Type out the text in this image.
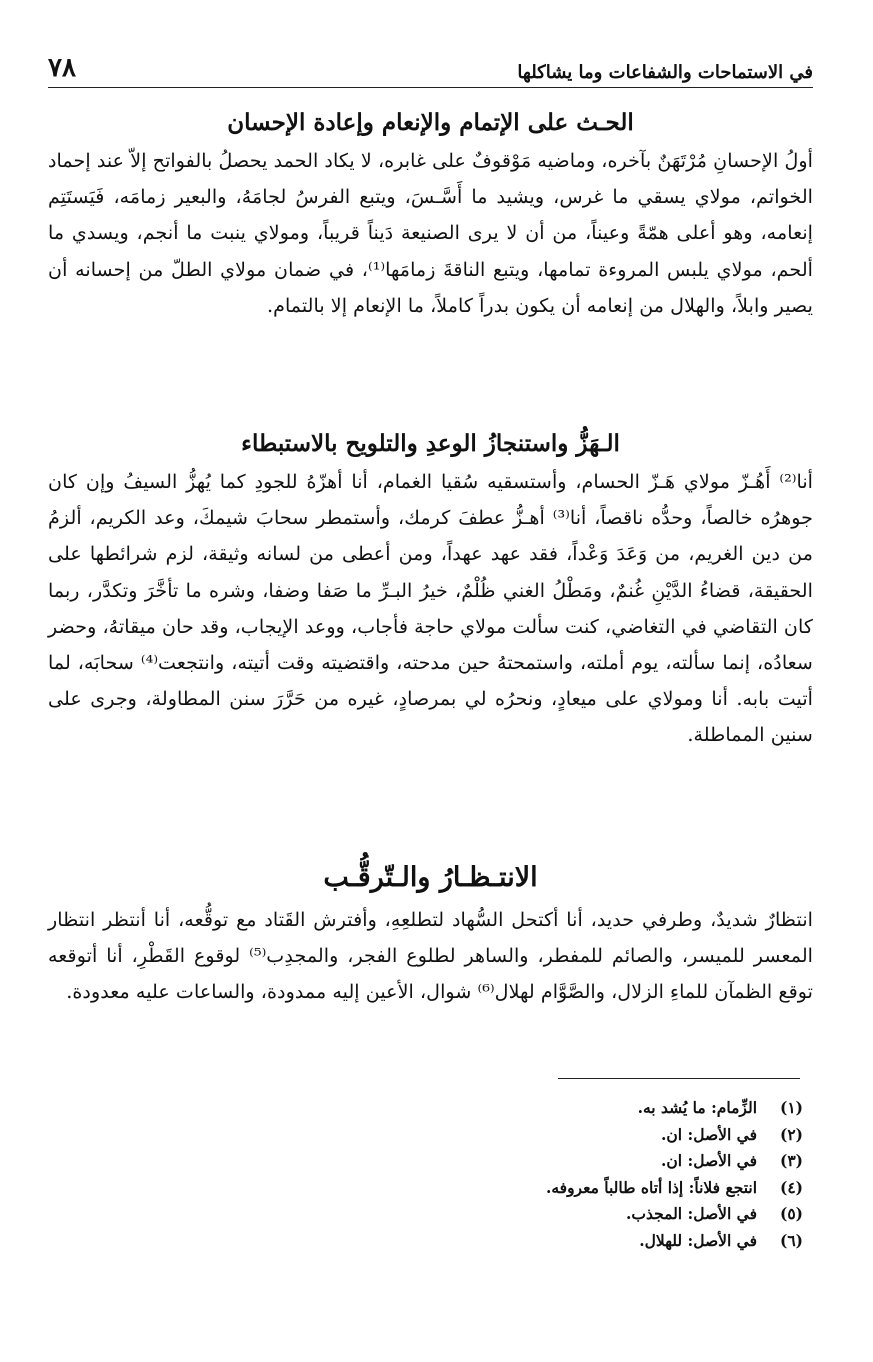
في الاستماحات والشفاعات وما يشاكلها
٧٨
الحـث على الإتمام والإنعام وإعادة الإحسان

أولُ الإحسانِ مُرْتَهَنٌ بآخره، وماضيه مَوْقوفٌ على غابره، لا يكاد الحمد يحصلُ بالفواتح إلاّ عند إحماد الخواتم، مولاي يسقي ما غرس، ويشيد ما أَسَّـسَ، ويتبع الفرسُ لجامَهُ، والبعير زمامَه، فَيَستَتِم إنعامه، وهو أعلى همّةً وعيناً، من أن لا يرى الصنيعة دَيناً قريباً، ومولاي ينبت ما أنجم، ويسدي ما ألحم، مولاي يلبس المروءة تمامها، ويتبع الناقةَ زمامَها⁽¹⁾، في ضمان مولاي الطلّ من إحسانه أن يصير وابلاً، والهلال من إنعامه أن يكون بدراً كاملاً، ما الإنعام إلا بالتمام.

الـهَزُّ واستنجازُ الوعدِ والتلويح بالاستبطاء

أنا⁽²⁾ أَهُـزّ مولاي هَـزّ الحسام، وأستسقيه سُقيا الغمام، أنا أهزّهُ للجودِ كما يُهزُّ السيفُ وإن كان جوهرُه خالصاً، وحدُّه ناقصاً، أنا⁽³⁾ أهـزُّ عطفَ كرمك، وأستمطر سحابَ شيمكَ، وعد الكريم، ألزمُ من دين الغريم، من وَعَدَ وَعْداً، فقد عهد عهداً، ومن أعطى من لسانه وثيقة، لزم شرائطها على الحقيقة، قضاءُ الدَّيْنِ غُنمٌ، ومَطْلُ الغني ظُلْمٌ، خيرُ البـرِّ ما صَفا وضفا، وشره ما تأخَّرَ وتكدَّر، ربما كان التقاضي في التغاضي، كنت سألت مولاي حاجة فأجاب، ووعد الإيجاب، وقد حان ميقاتهُ، وحضر سعادُه، إنما سألته، يوم أملته، واستمحتهُ حين مدحته، واقتضيته وقت أتيته، وانتجعت⁽⁴⁾ سحابَه، لما أتيت بابه. أنا ومولاي على ميعادٍ، ونحرُه لي بمرصادٍ، غيره من حَرَّرَ سنن المطاولة، وجرى على سنين المماطلة.

الانتـظـارُ والـتّرقُّـب

انتظارٌ شديدٌ، وطرفي حديد، أنا أكتحل السُّهاد لتطلعِهِ، وأفترش القَتاد مع توقُّعه، أنا أنتظر انتظار المعسر للميسر، والصائم للمفطر، والساهر لطلوع الفجر، والمجدِب⁽⁵⁾ لوقوع القَطْرِ، أنا أتوقعه توقع الظمآن للماءِ الزلال، والصَّوَّام لهلال⁽⁶⁾ شوال، الأعين إليه ممدودة، والساعات عليه معدودة.

(١)
الزِّمام: ما يُشد به.
(٢)
في الأصل: ان.
(٣)
في الأصل: ان.
(٤)
انتجع فلاناً: إذا أتاه طالباً معروفه.
(٥)
في الأصل: المجذب.
(٦)
في الأصل: للهلال.
